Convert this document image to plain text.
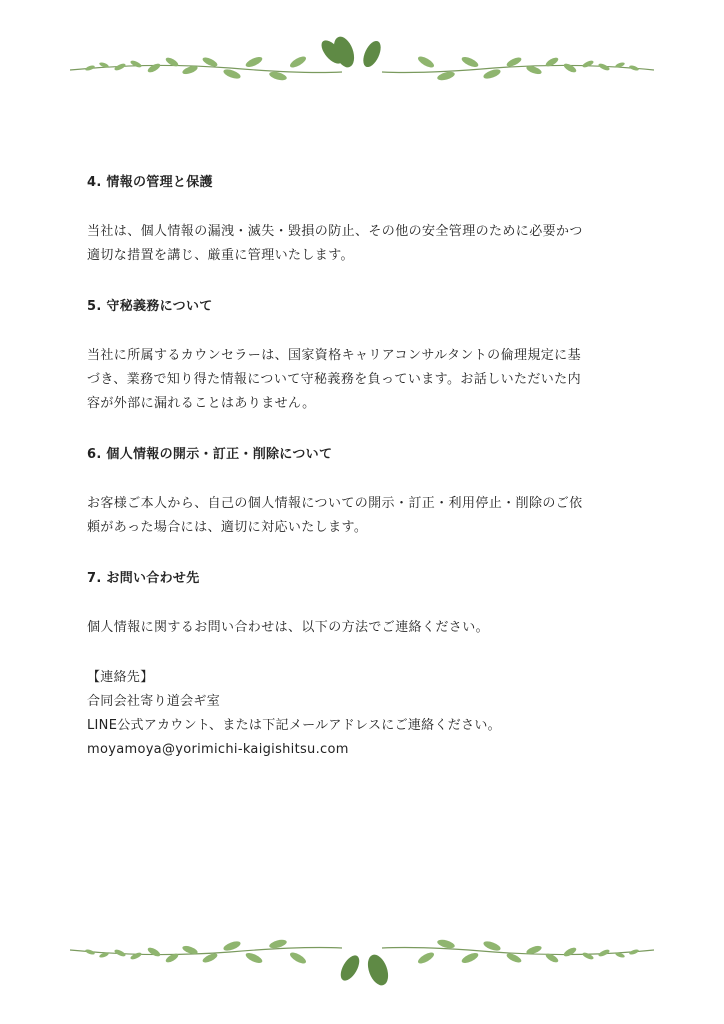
4. 情報の管理と保護
当社は、個人情報の漏洩・滅失・毀損の防止、その他の安全管理のために必要かつ
適切な措置を講じ、厳重に管理いたします。
5. 守秘義務について
当社に所属するカウンセラーは、国家資格キャリアコンサルタントの倫理規定に基
づき、業務で知り得た情報について守秘義務を負っています。お話しいただいた内
容が外部に漏れることはありません。
6. 個人情報の開示・訂正・削除について
お客様ご本人から、自己の個人情報についての開示・訂正・利用停止・削除のご依
頼があった場合には、適切に対応いたします。
7. お問い合わせ先
個人情報に関するお問い合わせは、以下の方法でご連絡ください。
【連絡先】
合同会社寄り道会ギ室
LINE公式アカウント、または下記メールアドレスにご連絡ください。
moyamoya@yorimichi-kaigishitsu.com
